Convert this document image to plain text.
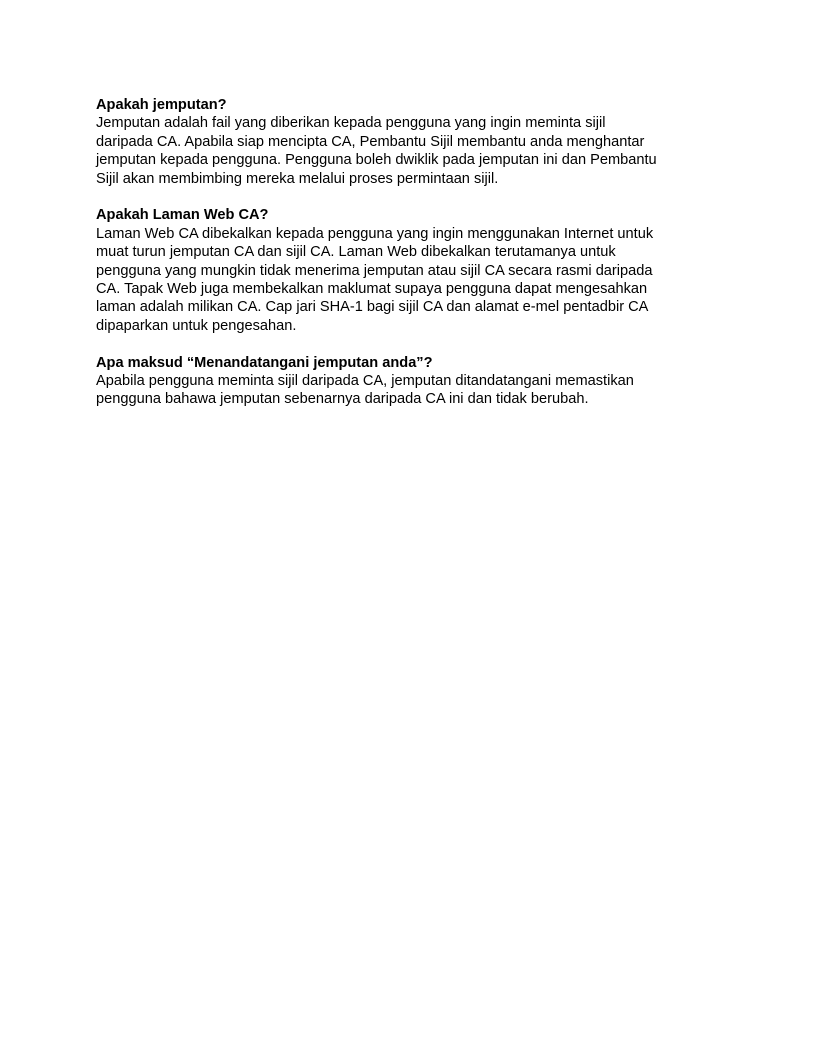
Apakah jemputan?

Jemputan adalah fail yang diberikan kepada pengguna yang ingin meminta sijil
daripada CA. Apabila siap mencipta CA, Pembantu Sijil membantu anda menghantar
jemputan kepada pengguna. Pengguna boleh dwiklik pada jemputan ini dan Pembantu
Sijil akan membimbing mereka melalui proses permintaan sijil.

Apakah Laman Web CA?

Laman Web CA dibekalkan kepada pengguna yang ingin menggunakan Internet untuk
muat turun jemputan CA dan sijil CA. Laman Web dibekalkan terutamanya untuk
pengguna yang mungkin tidak menerima jemputan atau sijil CA secara rasmi daripada
CA. Tapak Web juga membekalkan maklumat supaya pengguna dapat mengesahkan
laman adalah milikan CA. Cap jari SHA-1 bagi sijil CA dan alamat e-mel pentadbir CA
dipaparkan untuk pengesahan.

Apa maksud “Menandatangani jemputan anda”?

Apabila pengguna meminta sijil daripada CA, jemputan ditandatangani memastikan
pengguna bahawa jemputan sebenarnya daripada CA ini dan tidak berubah.
